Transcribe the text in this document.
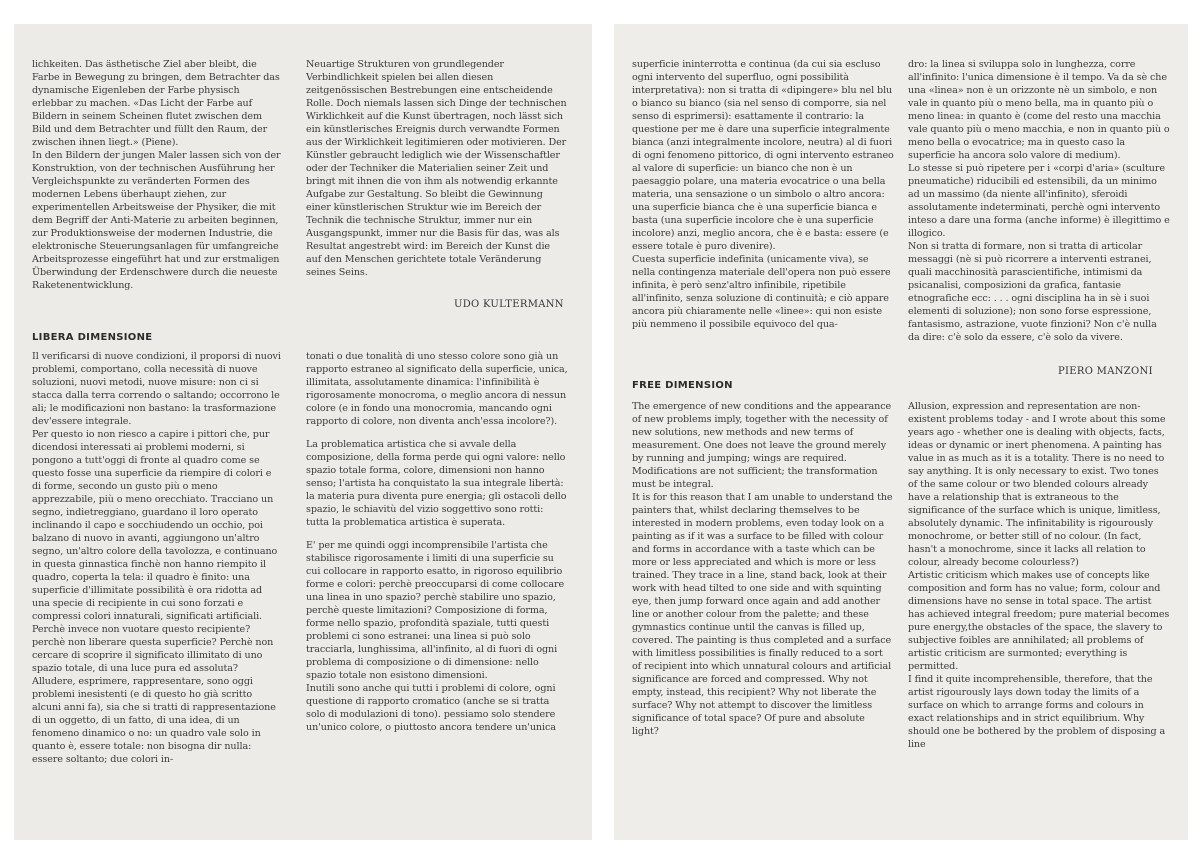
lichkeiten. Das ästhetische Ziel aber bleibt, die Farbe in Bewegung zu bringen, dem Betrachter das dynamische Eigenleben der Farbe physisch erlebbar zu machen. «Das Licht der Farbe auf Bildern in seinem Scheinen flutet zwischen dem Bild und dem Betrachter und füllt den Raum, der zwischen ihnen liegt.» (Piene).

In den Bildern der jungen Maler lassen sich von der Konstruktion, von der technischen Ausführung her Vergleichspunkte zu veränderten Formen des modernen Lebens überhaupt ziehen, zur experimentellen Arbeitsweise der Physiker, die mit dem Begriff der Anti-Materie zu arbeiten beginnen, zur Produktionsweise der modernen Industrie, die elektronische Steuerungsanlagen für umfangreiche Arbeitsprozesse eingeführt hat und zur erstmaligen Überwindung der Erdenschwere durch die neueste Raketenentwicklung.

Neuartige Strukturen von grundlegender Verbindlichkeit spielen bei allen diesen zeitgenössischen Bestrebungen eine entscheidende Rolle. Doch niemals lassen sich Dinge der technischen Wirklichkeit auf die Kunst übertragen, noch lässt sich ein künstlerisches Ereignis durch verwandte Formen aus der Wirklichkeit legitimieren oder motivieren. Der Künstler gebraucht lediglich wie der Wissenschaftler oder der Techniker die Materialien seiner Zeit und bringt mit ihnen die von ihm als notwendig erkannte Aufgabe zur Gestaltung. So bleibt die Gewinnung einer künstlerischen Struktur wie im Bereich der Technik die technische Struktur, immer nur ein Ausgangspunkt, immer nur die Basis für das, was als Resultat angestrebt wird: im Bereich der Kunst die auf den Menschen gerichtete totale Veränderung seines Seins.

UDO KULTERMANN
LIBERA DIMENSIONE

Il verificarsi di nuove condizioni, il proporsi di nuovi problemi, comportano, colla necessità di nuove soluzioni, nuovi metodi, nuove misure: non ci si stacca dalla terra correndo o saltando; occorrono le ali; le modificazioni non bastano: la trasformazione dev'essere integrale.

Per questo io non riesco a capire i pittori che, pur dicendosi interessati ai problemi moderni, si pongono a tutt'oggi di fronte al quadro come se questo fosse una superficie da riempire di colori e di forme, secondo un gusto più o meno apprezzabile, più o meno orecchiato. Tracciano un segno, indietreggiano, guardano il loro operato inclinando il capo e socchiudendo un occhio, poi balzano di nuovo in avanti, aggiungono un'altro segno, un'altro colore della tavolozza, e continuano in questa ginnastica finchè non hanno riempito il quadro, coperta la tela: il quadro è finito: una superficie d'illimitate possibilità è ora ridotta ad una specie di recipiente in cui sono forzati e compressi colori innaturali, significati artificiali. Perchè invece non vuotare questo recipiente? perchè non liberare questa superficie? Perchè non cercare di scoprire il significato illimitato di uno spazio totale, di una luce pura ed assoluta?

Alludere, esprimere, rappresentare, sono oggi problemi inesistenti (e di questo ho già scritto alcuni anni fa), sia che si tratti di rappresentazione di un oggetto, di un fatto, di una idea, di un fenomeno dinamico o no: un quadro vale solo in quanto è, essere totale: non bisogna dir nulla: essere soltanto; due colori in-

tonati o due tonalità di uno stesso colore sono già un rapporto estraneo al significato della superficie, unica, illimitata, assolutamente dinamica: l'infinibilità è rigorosamente monocroma, o meglio ancora di nessun colore (e in fondo una monocromia, mancando ogni rapporto di colore, non diventa anch'essa incolore?).

La problematica artistica che si avvale della composizione, della forma perde qui ogni valore: nello spazio totale forma, colore, dimensioni non hanno senso; l'artista ha conquistato la sua integrale libertà: la materia pura diventa pure energia; gli ostacoli dello spazio, le schiavitù del vizio soggettivo sono rotti: tutta la problematica artistica è superata.

E' per me quindi oggi incomprensibile l'artista che stabilisce rigorosamente i limiti di una superficie su cui collocare in rapporto esatto, in rigoroso equilibrio forme e colori: perchè preoccuparsi di come collocare una linea in uno spazio? perchè stabilire uno spazio, perchè queste limitazioni? Composizione di forma, forme nello spazio, profondità spaziale, tutti questi problemi ci sono estranei: una linea si può solo tracciarla, lunghissima, all'infinito, al di fuori di ogni problema di composizione o di dimensione: nello spazio totale non esistono dimensioni.

Inutili sono anche qui tutti i problemi di colore, ogni questione di rapporto cromatico (anche se si tratta solo di modulazioni di tono). pessiamo solo stendere un'unico colore, o piuttosto ancora tendere un'unica

superficie ininterrotta e continua (da cui sia escluso ogni intervento del superfluo, ogni possibilità interpretativa): non si tratta di «dipingere» blu nel blu o bianco su bianco (sia nel senso di comporre, sia nel senso di esprimersi): esattamente il contrario: la questione per me è dare una superficie integralmente bianca (anzi integralmente incolore, neutra) al di fuori di ogni fenomeno pittorico, di ogni intervento estraneo al valore di superficie: un bianco che non è un paesaggio polare, una materia evocatrice o una bella materia, una sensazione o un simbolo o altro ancora: una superficie bianca che è una superficie bianca e basta (una superficie incolore che è una superficie incolore) anzi, meglio ancora, che è e basta: essere (e essere totale è puro divenire).

Cuesta superficie indefinita (unicamente viva), se nella contingenza materiale dell'opera non può essere infinita, è però senz'altro infinibile, ripetibile all'infinito, senza soluzione di continuità; e ciò appare ancora più chiaramente nelle «linee»: qui non esiste più nemmeno il possibile equivoco del qua-

dro: la linea si sviluppa solo in lunghezza, corre all'infinito: l'unica dimensione è il tempo. Va da sè che una «linea» non è un orizzonte nè un simbolo, e non vale in quanto più o meno bella, ma in quanto più o meno linea: in quanto è (come del resto una macchia vale quanto più o meno macchia, e non in quanto più o meno bella o evocatrice; ma in questo caso la superficie ha ancora solo valore di medium).

Lo stesse si può ripetere per i «corpi d'aria» (sculture pneumatiche) riducibili ed estensibili, da un minimo ad un massimo (da niente all'infinito), sferoidi assolutamente indeterminati, perchè ogni intervento inteso a dare una forma (anche informe) è illegittimo e illogico.

Non si tratta di formare, non si tratta di articolar messaggi (nè si può ricorrere a interventi estranei, quali macchinosità parascientifiche, intimismi da psicanalisi, composizioni da grafica, fantasie etnografiche ecc: . . . ogni disciplina ha in sè i suoi elementi di soluzione); non sono forse espressione, fantasismo, astrazione, vuote finzioni? Non c'è nulla da dire: c'è solo da essere, c'è solo da vivere.

PIERO MANZONI
FREE DIMENSION

The emergence of new conditions and the appearance of new problems imply, together with the necessity of new solutions, new methods and new terms of measurement. One does not leave the ground merely by running and jumping; wings are required. Modifications are not sufficient; the transformation must be integral.

It is for this reason that I am unable to understand the painters that, whilst declaring themselves to be interested in modern problems, even today look on a painting as if it was a surface to be filled with colour and forms in accordance with a taste which can be more or less appreciated and which is more or less trained. They trace in a line, stand back, look at their work with head tilted to one side and with squinting eye, then jump forward once again and add another line or another colour from the palette; and these gymnastics continue until the canvas is filled up, covered. The painting is thus completed and a surface with limitless possibilities is finally reduced to a sort of recipient into which unnatural colours and artificial significance are forced and compressed. Why not empty, instead, this recipient? Why not liberate the surface? Why not attempt to discover the limitless significance of total space? Of pure and absolute light?

Allusion, expression and representation are non-existent problems today - and I wrote about this some years ago - whether one is dealing with objects, facts, ideas or dynamic or inert phenomena. A painting has value in as much as it is a totality. There is no need to say anything. It is only necessary to exist. Two tones of the same colour or two blended colours already have a relationship that is extraneous to the significance of the surface which is unique, limitless, absolutely dynamic. The infinitability is rigourously monochrome, or better still of no colour. (In fact, hasn't a monochrome, since it lacks all relation to colour, already become colourless?)

Artistic criticism which makes use of concepts like composition and form has no value; form, colour and dimensions have no sense in total space. The artist has achieved integral freedom; pure material becomes pure energy,the obstacles of the space, the slavery to subjective foibles are annihilated; all problems of artistic criticism are surmonted; everything is permitted.

I find it quite incomprehensible, therefore, that the artist rigourously lays down today the limits of a surface on which to arrange forms and colours in exact relationships and in strict equilibrium. Why should one be bothered by the problem of disposing a line
